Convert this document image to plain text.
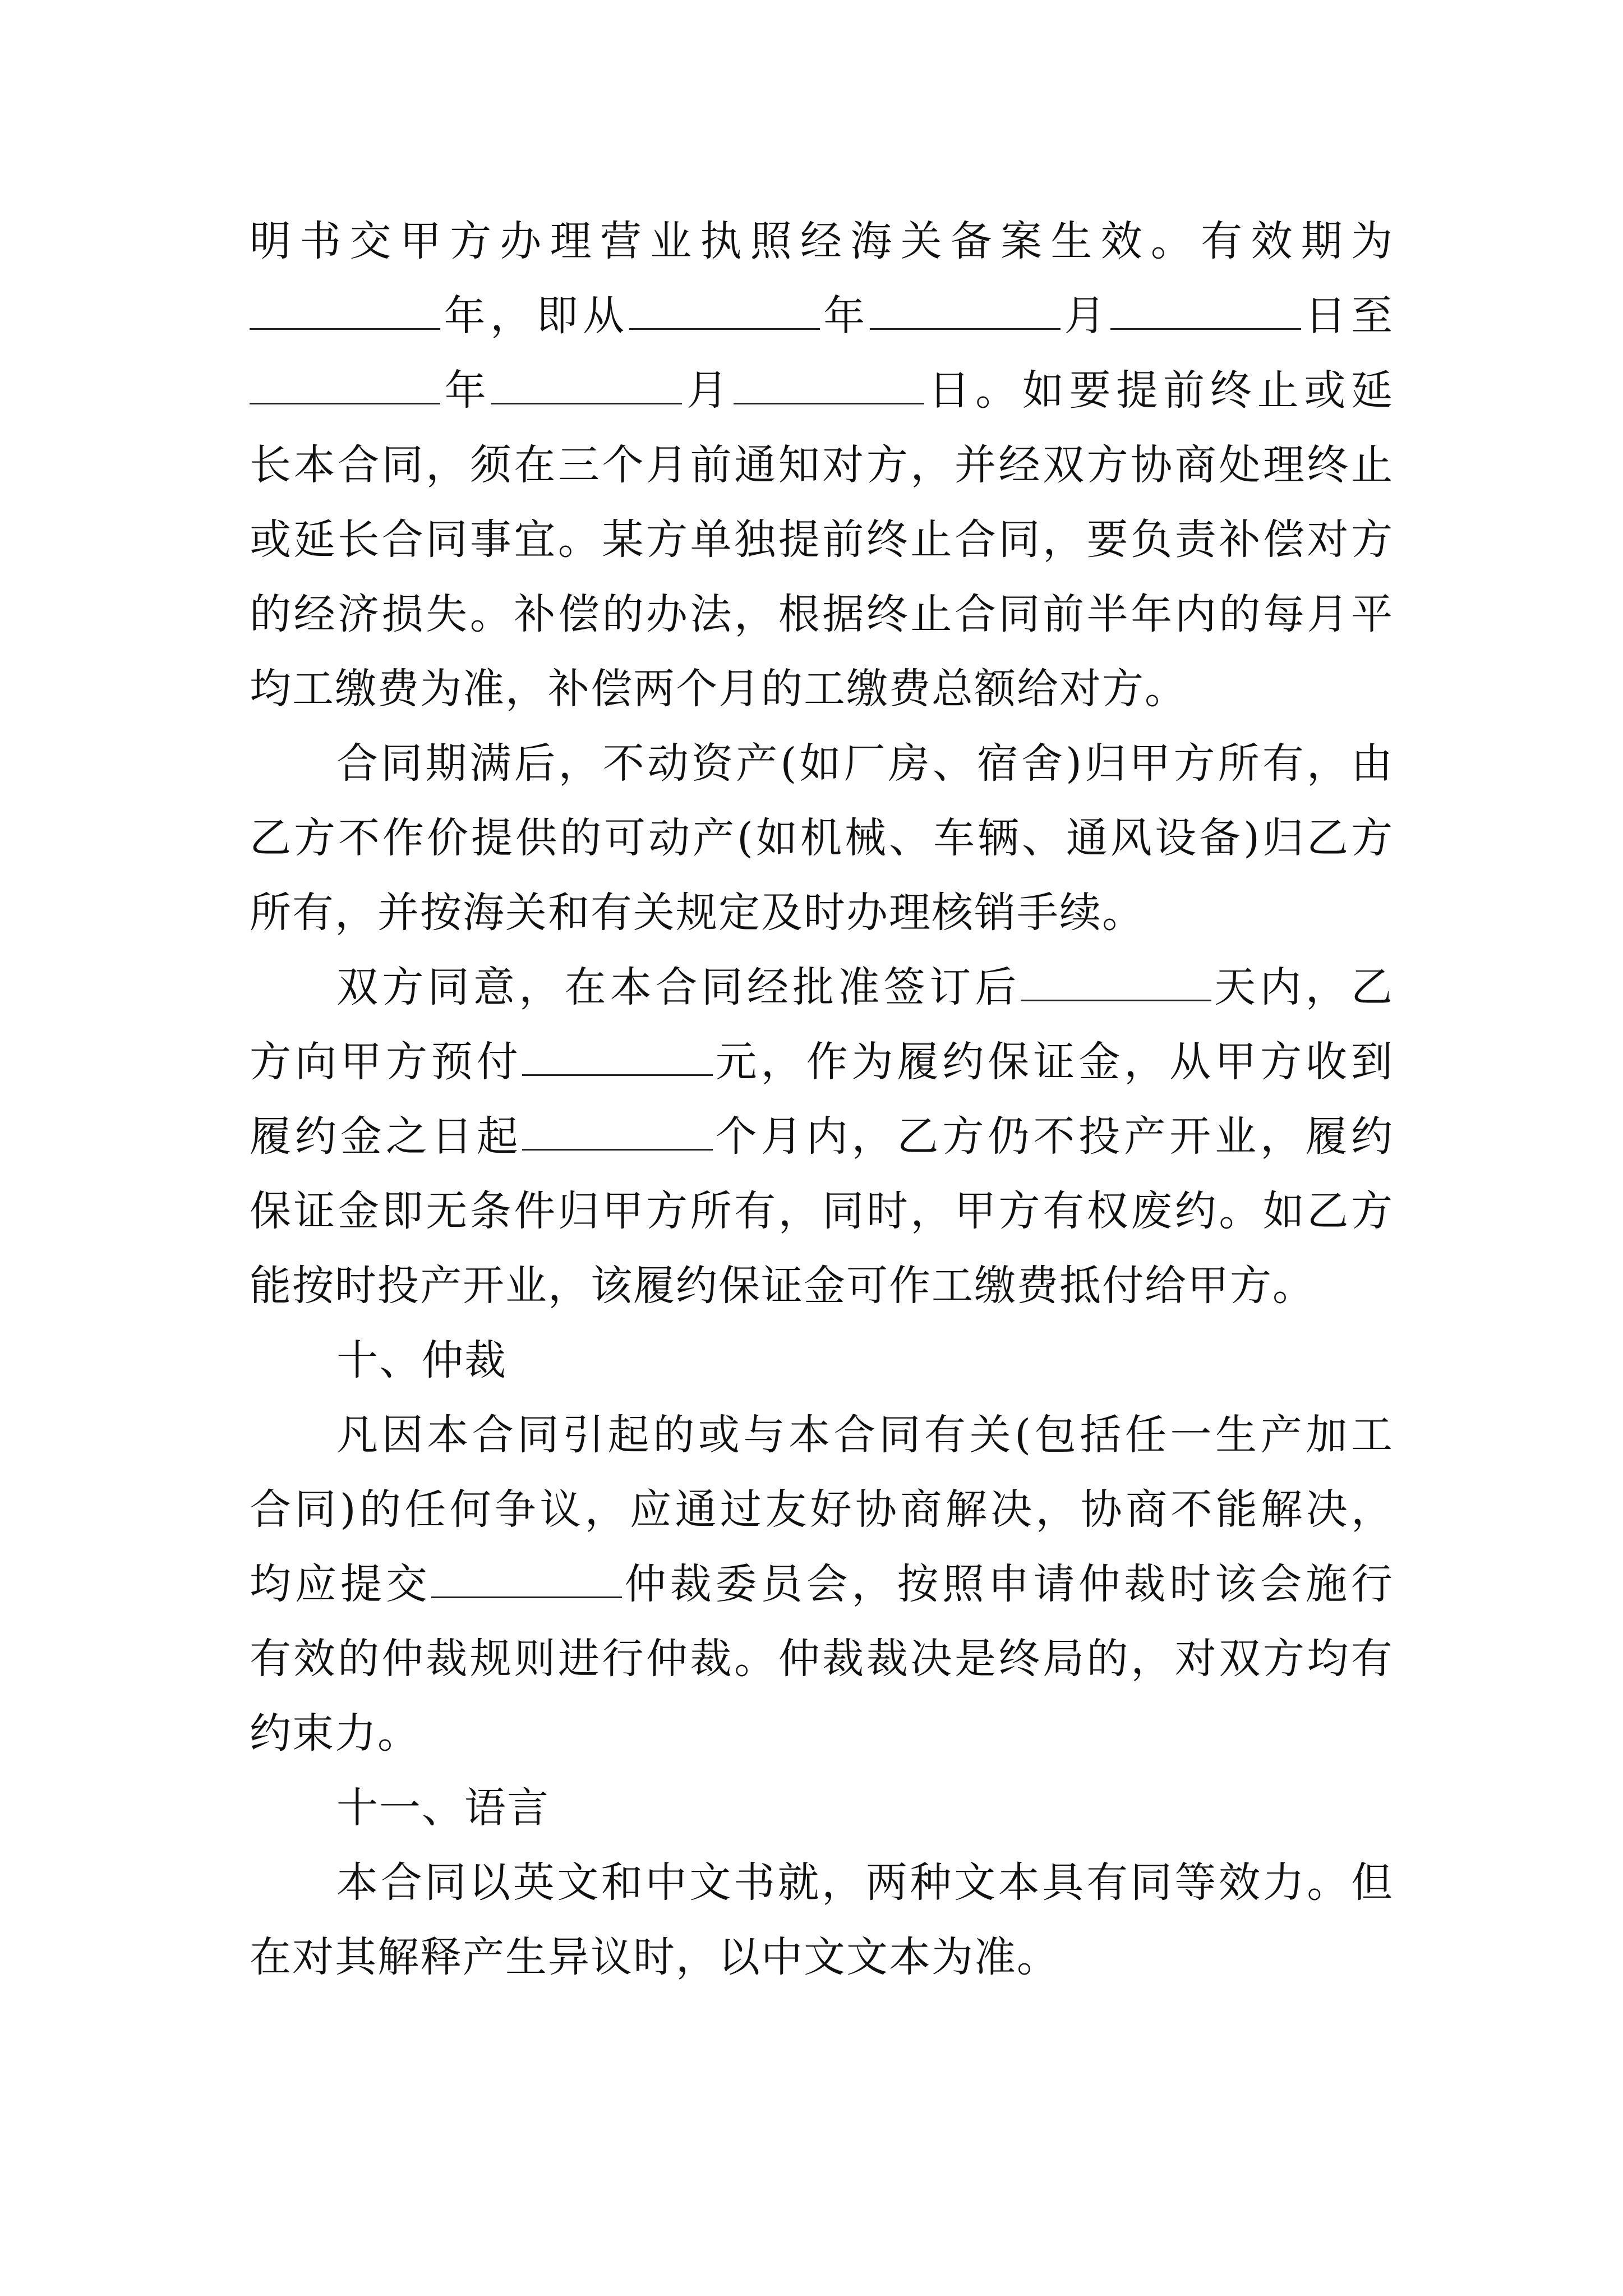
明书交甲方办理营业执照经海关备案生效。有效期为
年，即从	年	月	日至
年	月	日。如要提前终止或延
长本合同，须在三个月前通知对方，并经双方协商处理终止
或延长合同事宜。某方单独提前终止合同，要负责补偿对方
的经济损失。补偿的办法，根据终止合同前半年内的每月平
均工缴费为准，补偿两个月的工缴费总额给对方。
合同期满后，不动资产(如厂房、宿舍)归甲方所有，由
乙方不作价提供的可动产(如机械、车辆、通风设备)归乙方
所有，并按海关和有关规定及时办理核销手续。
双方同意，在本合同经批准签订后	天内，乙
方向甲方预付	元，作为履约保证金，从甲方收到
履约金之日起	个月内，乙方仍不投产开业，履约
保证金即无条件归甲方所有，同时，甲方有权废约。如乙方
能按时投产开业，该履约保证金可作工缴费抵付给甲方。
十、仲裁
凡因本合同引起的或与本合同有关(包括任一生产加工
合同)的任何争议，应通过友好协商解决，协商不能解决，
均应提交	仲裁委员会，按照申请仲裁时该会施行
有效的仲裁规则进行仲裁。仲裁裁决是终局的，对双方均有
约束力。
十一、语言
本合同以英文和中文书就，两种文本具有同等效力。但
在对其解释产生异议时，以中文文本为准。
